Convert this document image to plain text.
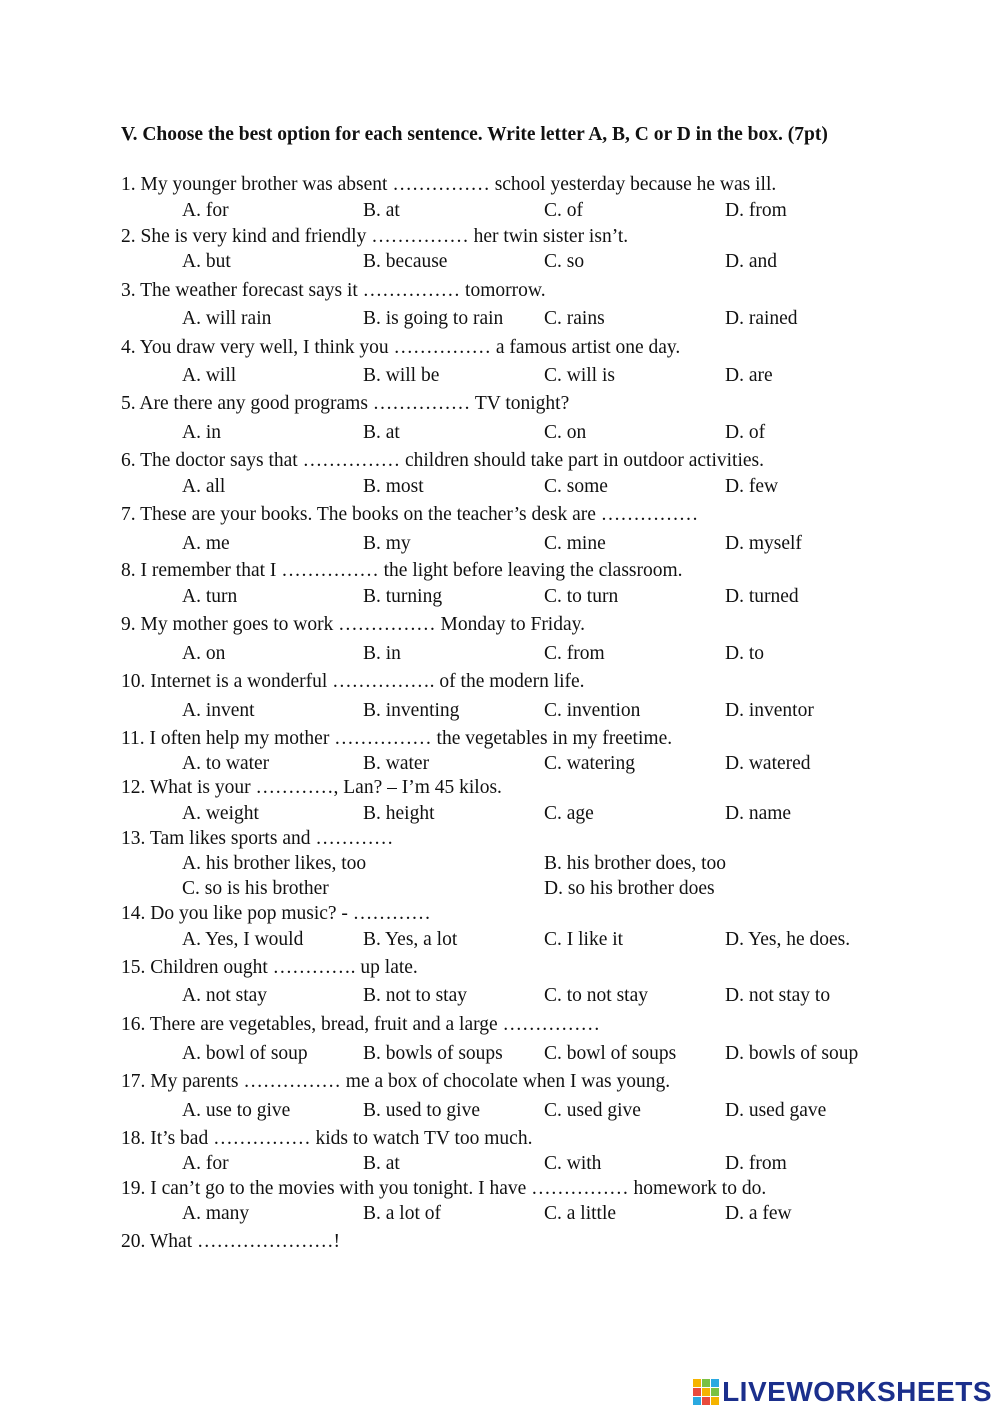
V. Choose the best option for each sentence. Write letter A, B, C or D in the box. (7pt)
1. My younger brother was absent …………… school yesterday because he was ill.
A. for	B. at	C. of	D. from
2. She is very kind and friendly …………… her twin sister isn’t.
A. but	B. because	C. so	D. and
3. The weather forecast says it …………… tomorrow.
A. will rain	B. is going to rain C. rains	D. rained
4. You draw very well, I think you …………… a famous artist one day.
A. will	B. will be	C. will is	D. are
5. Are there any good programs …………… TV tonight?
A. in	B. at	C. on	D. of
6. The doctor says that …………… children should take part in outdoor activities.
A. all	B. most	C. some	D. few
7. These are your books. The books on the teacher’s desk are ……………
A. me	B. my	C. mine	D. myself
8. I remember that I …………… the light before leaving the classroom.
A. turn	B. turning	C. to turn	D. turned
9. My mother goes to work …………… Monday to Friday.
A. on	B. in	C. from	D. to
10. Internet is a wonderful ……………. of the modern life.
A. invent	B. inventing	C. invention	D. inventor
11. I often help my mother …………… the vegetables in my freetime.
A. to water	B. water	C. watering	D. watered
12. What is your …………, Lan? – I’m 45 kilos.
A. weight	B. height	C. age	D. name
13. Tam likes sports and …………
A. his brother likes, too	B. his brother does, too
C. so is his brother	D. so his brother does
14. Do you like pop music? - …………
A. Yes, I would	B. Yes, a lot	C. I like it	D. Yes, he does.
15. Children ought …………. up late.
A. not stay	B. not to stay	C. to not stay	D. not stay to
16. There are vegetables, bread, fruit and a large ……………
A. bowl of soup	B. bowls of soups C. bowl of soups	D. bowls of soup
17. My parents …………… me a box of chocolate when I was young.
A. use to give	B. used to give	C. used give	D. used gave
18. It’s bad …………… kids to watch TV too much.
A. for	B. at	C. with	D. from
19. I can’t go to the movies with you tonight. I have …………… homework to do.
A. many	B. a lot of	C. a little	D. a few
20. What …………………!
LIVEWORKSHEETS
